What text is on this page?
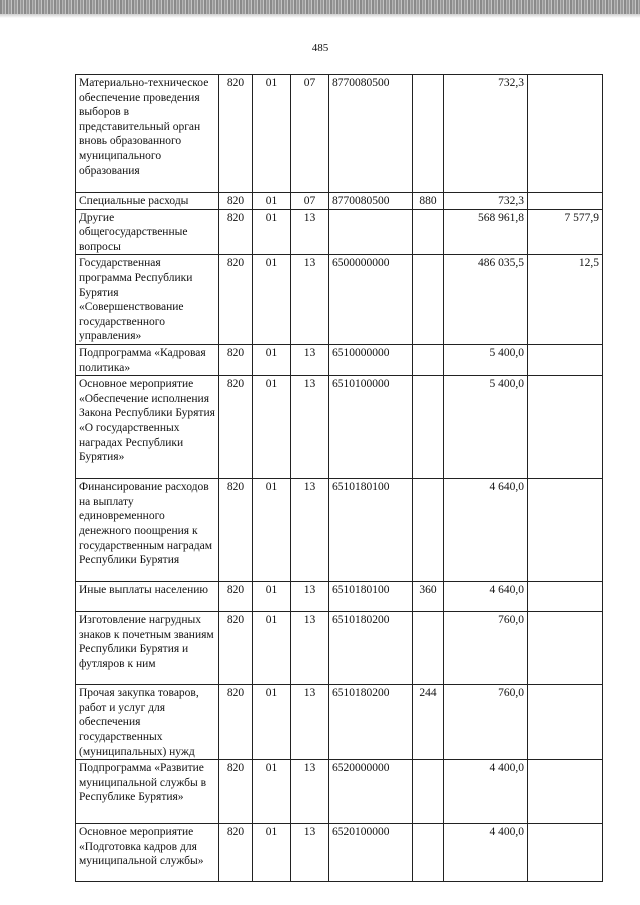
485
Материально-техническое обеспечение проведения выборов в представительный орган вновь образованного муниципального образования	820	01	07	8770080500		732,3	
Специальные расходы	820	01	07	8770080500	880	732,3	
Другие общегосударственные вопросы	820	01	13			568 961,8	7 577,9
Государственная программа Республики Бурятия «Совершенствование государственного управления»	820	01	13	6500000000		486 035,5	12,5
Подпрограмма «Кадровая политика»	820	01	13	6510000000		5 400,0	
Основное мероприятие «Обеспечение исполнения Закона Республики Бурятия «О государственных наградах Республики Бурятия»	820	01	13	6510100000		5 400,0	
Финансирование расходов на выплату единовременного денежного поощрения к государственным наградам Республики Бурятия	820	01	13	6510180100		4 640,0	
Иные выплаты населению	820	01	13	6510180100	360	4 640,0	
Изготовление нагрудных знаков к почетным званиям Республики Бурятия и футляров к ним	820	01	13	6510180200		760,0	
Прочая закупка товаров, работ и услуг для обеспечения государственных (муниципальных) нужд	820	01	13	6510180200	244	760,0	
Подпрограмма «Развитие муниципальной службы в Республике Бурятия»	820	01	13	6520000000		4 400,0	
Основное мероприятие «Подготовка кадров для муниципальной службы»	820	01	13	6520100000		4 400,0	
